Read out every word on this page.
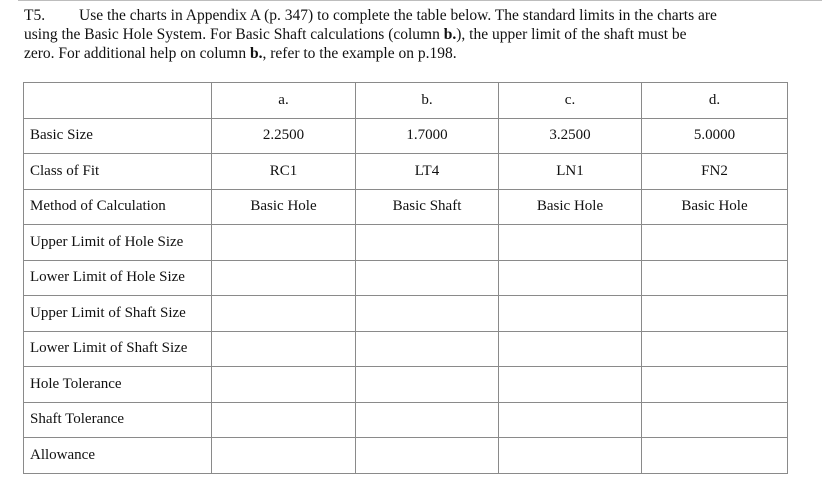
T5. Use the charts in Appendix A (p. 347) to complete the table below. The standard limits in the charts are
using the Basic Hole System. For Basic Shaft calculations (column b.), the upper limit of the shaft must be
zero. For additional help on column b., refer to the example on p.198.
	a.	b.	c.	d.
Basic Size	2.2500	1.7000	3.2500	5.0000
Class of Fit	RC1	LT4	LN1	FN2
Method of Calculation	Basic Hole	Basic Shaft	Basic Hole	Basic Hole
Upper Limit of Hole Size				
Lower Limit of Hole Size				
Upper Limit of Shaft Size				
Lower Limit of Shaft Size				
Hole Tolerance				
Shaft Tolerance				
Allowance				
